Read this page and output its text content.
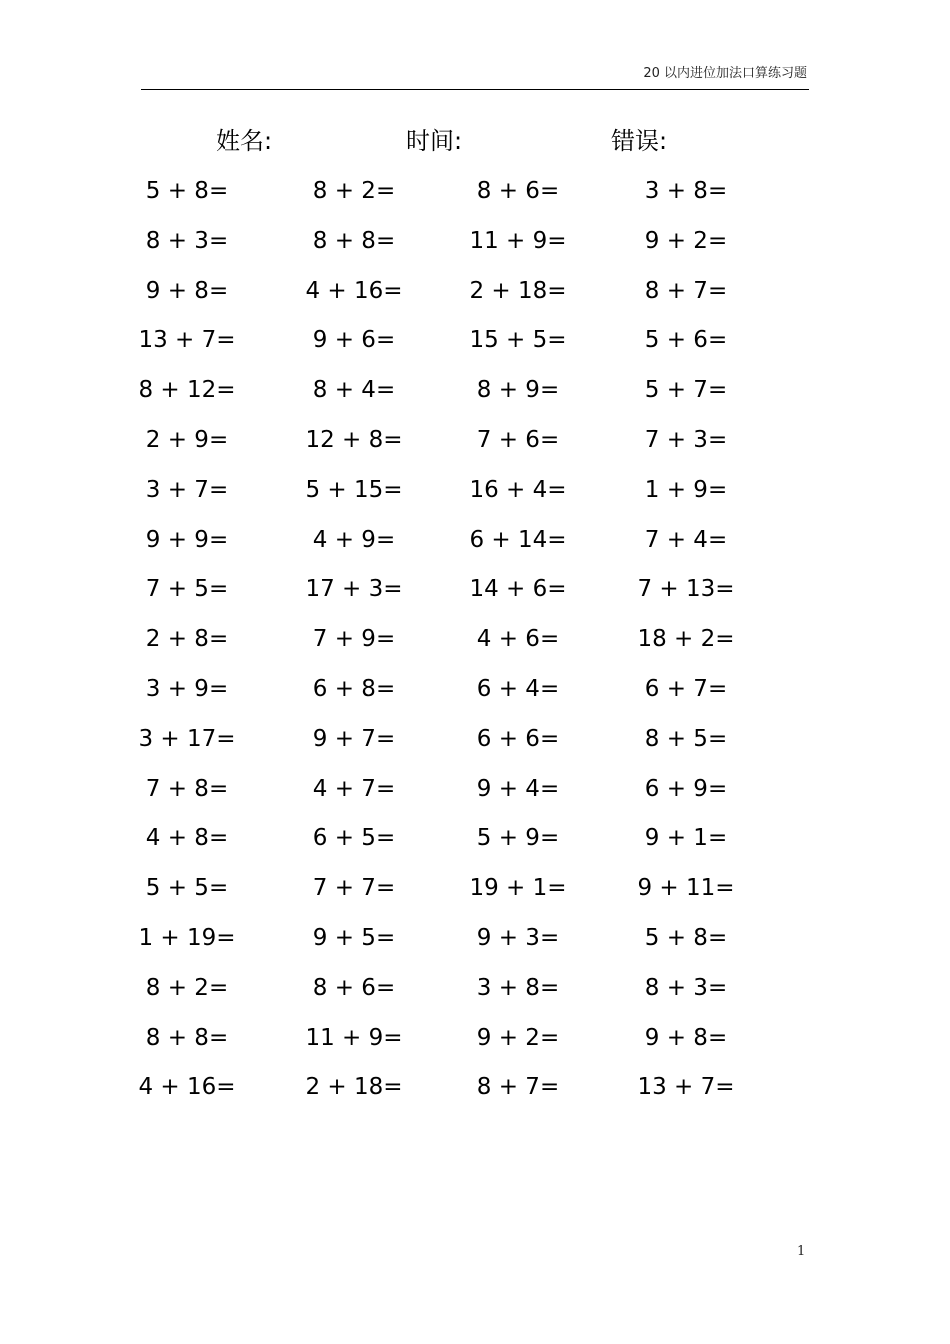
20 以内进位加法口算练习题
姓名:	时间:	错误:
5 + 8=	8 + 2=	8 + 6=	3 + 8=
8 + 3=	8 + 8=	11 + 9=	9 + 2=
9 + 8=	4 + 16=	2 + 18=	8 + 7=
13 + 7=	9 + 6=	15 + 5=	5 + 6=
8 + 12=	8 + 4=	8 + 9=	5 + 7=
2 + 9=	12 + 8=	7 + 6=	7 + 3=
3 + 7=	5 + 15=	16 + 4=	1 + 9=
9 + 9=	4 + 9=	6 + 14=	7 + 4=
7 + 5=	17 + 3=	14 + 6=	7 + 13=
2 + 8=	7 + 9=	4 + 6=	18 + 2=
3 + 9=	6 + 8=	6 + 4=	6 + 7=
3 + 17=	9 + 7=	6 + 6=	8 + 5=
7 + 8=	4 + 7=	9 + 4=	6 + 9=
4 + 8=	6 + 5=	5 + 9=	9 + 1=
5 + 5=	7 + 7=	19 + 1=	9 + 11=
1 + 19=	9 + 5=	9 + 3=	5 + 8=
8 + 2=	8 + 6=	3 + 8=	8 + 3=
8 + 8=	11 + 9=	9 + 2=	9 + 8=
4 + 16=	2 + 18=	8 + 7=	13 + 7=
1
